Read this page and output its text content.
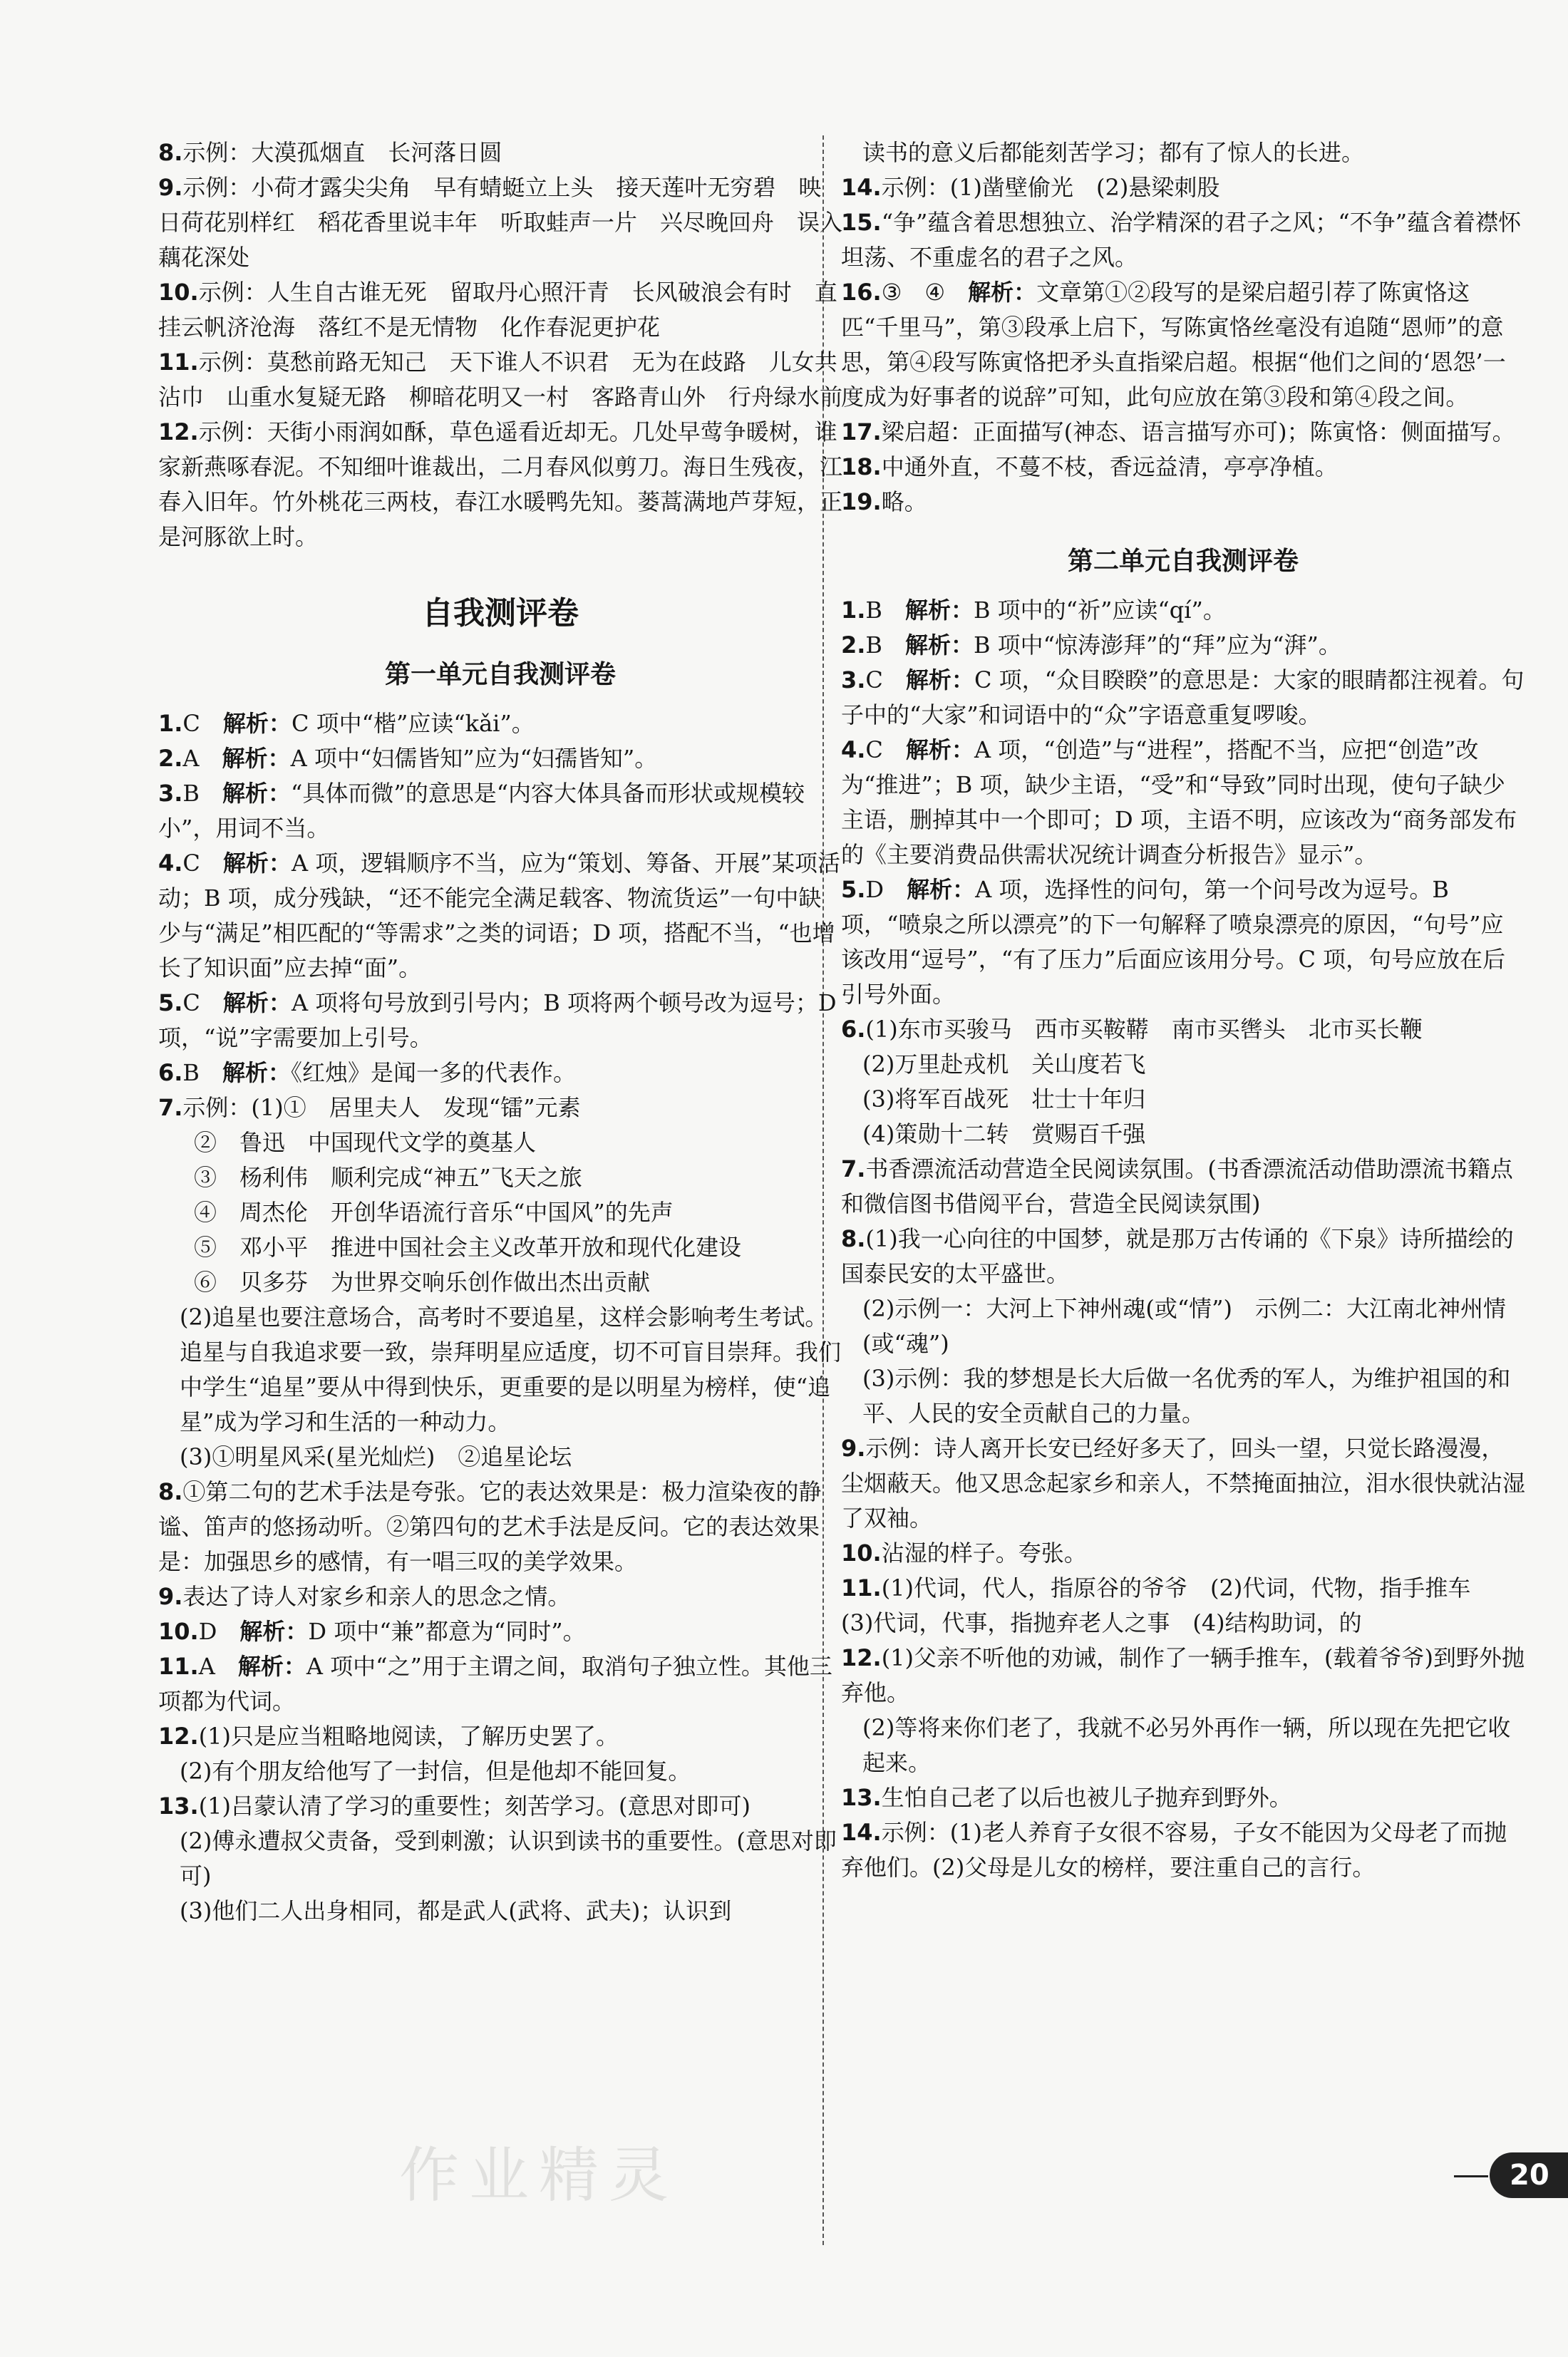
8.示例：大漠孤烟直　长河落日圆

9.示例：小荷才露尖尖角　早有蜻蜓立上头　接天莲叶无穷碧　映日荷花别样红　稻花香里说丰年　听取蛙声一片　兴尽晚回舟　误入藕花深处

10.示例：人生自古谁无死　留取丹心照汗青　长风破浪会有时　直挂云帆济沧海　落红不是无情物　化作春泥更护花

11.示例：莫愁前路无知己　天下谁人不识君　无为在歧路　儿女共沾巾　山重水复疑无路　柳暗花明又一村　客路青山外　行舟绿水前

12.示例：天街小雨润如酥，草色遥看近却无。几处早莺争暖树，谁家新燕啄春泥。不知细叶谁裁出，二月春风似剪刀。海日生残夜，江春入旧年。竹外桃花三两枝，春江水暖鸭先知。蒌蒿满地芦芽短，正是河豚欲上时。

自我测评卷
第一单元自我测评卷

1.C　 解析：C 项中“楷”应读“kǎi”。

2.A　 解析：A 项中“妇儒皆知”应为“妇孺皆知”。

3.B　 解析：“具体而微”的意思是“内容大体具备而形状或规模较小”，用词不当。

4.C　 解析：A 项，逻辑顺序不当，应为“策划、筹备、开展”某项活动；B 项，成分残缺，“还不能完全满足载客、物流货运”一句中缺少与“满足”相匹配的“等需求”之类的词语；D 项，搭配不当，“也增长了知识面”应去掉“面”。

5.C　 解析：A 项将句号放到引号内；B 项将两个顿号改为逗号；D 项，“说”字需要加上引号。

6.B　 解析：《红烛》是闻一多的代表作。

7.示例：(1)①　居里夫人　发现“镭”元素

②　鲁迅　中国现代文学的奠基人

③　杨利伟　顺利完成“神五”飞天之旅

④　周杰伦　开创华语流行音乐“中国风”的先声

⑤　邓小平　推进中国社会主义改革开放和现代化建设

⑥　贝多芬　为世界交响乐创作做出杰出贡献

(2)追星也要注意场合，高考时不要追星，这样会影响考生考试。追星与自我追求要一致，崇拜明星应适度，切不可盲目崇拜。我们中学生“追星”要从中得到快乐，更重要的是以明星为榜样，使“追星”成为学习和生活的一种动力。

(3)①明星风采(星光灿烂)　②追星论坛

8.①第二句的艺术手法是夸张。它的表达效果是：极力渲染夜的静谧、笛声的悠扬动听。②第四句的艺术手法是反问。它的表达效果是：加强思乡的感情，有一唱三叹的美学效果。

9.表达了诗人对家乡和亲人的思念之情。

10.D　 解析：D 项中“兼”都意为“同时”。

11.A　 解析：A 项中“之”用于主谓之间，取消句子独立性。其他三项都为代词。

12.(1)只是应当粗略地阅读，了解历史罢了。

(2)有个朋友给他写了一封信，但是他却不能回复。

13.(1)吕蒙认清了学习的重要性；刻苦学习。(意思对即可)

(2)傅永遭叔父责备，受到刺激；认识到读书的重要性。(意思对即可)

(3)他们二人出身相同，都是武人(武将、武夫)；认识到

读书的意义后都能刻苦学习；都有了惊人的长进。

14.示例：(1)凿壁偷光　(2)悬梁刺股

15.“争”蕴含着思想独立、治学精深的君子之风；“不争”蕴含着襟怀坦荡、不重虚名的君子之风。

16.③　④　 解析：文章第①②段写的是梁启超引荐了陈寅恪这匹“千里马”，第③段承上启下，写陈寅恪丝毫没有追随“恩师”的意思，第④段写陈寅恪把矛头直指梁启超。根据“他们之间的‘恩怨’一度成为好事者的说辞”可知，此句应放在第③段和第④段之间。

17.梁启超：正面描写(神态、语言描写亦可)；陈寅恪：侧面描写。

18.中通外直，不蔓不枝，香远益清，亭亭净植。

19.略。

第二单元自我测评卷

1.B　 解析：B 项中的“祈”应读“qí”。

2.B　 解析：B 项中“惊涛澎拜”的“拜”应为“湃”。

3.C　 解析：C 项，“众目睽睽”的意思是：大家的眼睛都注视着。句子中的“大家”和词语中的“众”字语意重复啰唆。

4.C　 解析：A 项，“创造”与“进程”，搭配不当，应把“创造”改为“推进”；B 项，缺少主语，“受”和“导致”同时出现，使句子缺少主语，删掉其中一个即可；D 项，主语不明，应该改为“商务部发布的《主要消费品供需状况统计调查分析报告》显示”。

5.D　 解析：A 项，选择性的问句，第一个问号改为逗号。B 项，“喷泉之所以漂亮”的下一句解释了喷泉漂亮的原因，“句号”应该改用“逗号”，“有了压力”后面应该用分号。C 项，句号应放在后引号外面。

6.(1)东市买骏马　西市买鞍鞯　南市买辔头　北市买长鞭

(2)万里赴戎机　关山度若飞

(3)将军百战死　壮士十年归

(4)策勋十二转　赏赐百千强

7.书香漂流活动营造全民阅读氛围。(书香漂流活动借助漂流书籍点和微信图书借阅平台，营造全民阅读氛围)

8.(1)我一心向往的中国梦，就是那万古传诵的《下泉》诗所描绘的国泰民安的太平盛世。

(2)示例一：大河上下神州魂(或“情”)　示例二：大江南北神州情(或“魂”)

(3)示例：我的梦想是长大后做一名优秀的军人，为维护祖国的和平、人民的安全贡献自己的力量。

9.示例：诗人离开长安已经好多天了，回头一望，只觉长路漫漫，尘烟蔽天。他又思念起家乡和亲人，不禁掩面抽泣，泪水很快就沾湿了双袖。

10.沾湿的样子。夸张。

11.(1)代词，代人，指原谷的爷爷　(2)代词，代物，指手推车　(3)代词，代事，指抛弃老人之事　(4)结构助词，的

12.(1)父亲不听他的劝诫，制作了一辆手推车，(载着爷爷)到野外抛弃他。

(2)等将来你们老了，我就不必另外再作一辆，所以现在先把它收起来。

13.生怕自己老了以后也被儿子抛弃到野外。

14.示例：(1)老人养育子女很不容易，子女不能因为父母老了而抛弃他们。(2)父母是儿女的榜样，要注重自己的言行。

作业精灵	20
